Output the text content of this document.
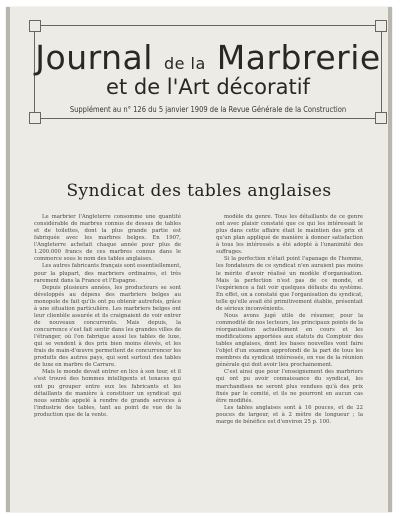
Journal de la Marbrerie
et de l'Art décoratif
Supplément au n° 126 du 5 janvier 1909 de la Revue Générale de la Construction
Syndicat des tables anglaises

Le marbrier l'Angleterre consomme une quantité considérable de marbres connus de dessus de tables et de toilettes, dont la plus grande partie est fabriquée avec les marbres belges. En 1907, l'Angleterre achetait chaque année pour plus de 1.200.000 francs de ces marbres connus dans le commerce sous le nom des tables anglaises.

Les autres fabricants français sont essentiellement, pour la plupart, des marbriers ordinaires, et très rarement dans la France et l'Espagne.

Depuis plusieurs années, les producteurs se sont développés au dépens des marbriers belges au monopole de fait qu'ils ont pu obtenir autrefois, grâce à une situation particulière. Les marbriers belges ont leur clientèle assurée et ils craignaient de voir entrer de nouveaux concurrents. Mais depuis, la concurrence s'est fait sentir dans les grandes villes de l'étranger, où l'on fabrique aussi les tables de luxe, qui se vendent à des prix bien moins élevés, et les frais de main-d'œuvre permettent de concurrencer les produits des autres pays, qui sont surtout des tables de luxe en marbre de Carrare.

Mais le monde devait entrer en lice à son tour, et il s'est trouvé des hommes intelligents et tenaces qui ont pu grouper entre eux les fabricants et les détaillants de manière à constituer un syndicat qui nous semble appelé à rendre de grands services à l'industrie des tables, tant au point de vue de la production que de la vente.

modèle du genre. Tous les détaillants de ce genre ont avec plaisir constaté que ce qui les intéressait le plus dans cette affaire était le maintien des prix et qu'un plan appliqué de manière à donner satisfaction à tous les intéressés a été adopté à l'unanimité des suffrages.

Si la perfection n'était point l'apanage de l'homme, les fondateurs de ce syndicat n'en auraient pas moins le mérite d'avoir réalisé un modèle d'organisation. Mais la perfection n'est pas de ce monde, et l'expérience a fait voir quelques défauts du système. En effet, on a constaté que l'organisation du syndicat, telle qu'elle avait été primitivement établie, présentait de sérieux inconvénients.

Nous avons jugé utile de résumer, pour la commodité de nos lecteurs, les principaux points de la réorganisation actuellement en cours et les modifications apportées aux statuts du Comptoir des tables anglaises, dont les bases nouvelles vont faire l'objet d'un examen approfondi de la part de tous les membres du syndicat intéressés, en vue de la réunion générale qui doit avoir lieu prochainement.

C'est ainsi que pour l'enseignement des marbriers qui ont pu avoir connaissance du syndicat, les marchandises ne seront plus vendues qu'à des prix fixés par le comité, et ils ne pourront en aucun cas être modifiés.

Les tables anglaises sont à 16 pouces, et de 22 pouces de largeur, et à 2 mètre de longueur ; la marge de bénéfice est d'environ 25 p. 100.
